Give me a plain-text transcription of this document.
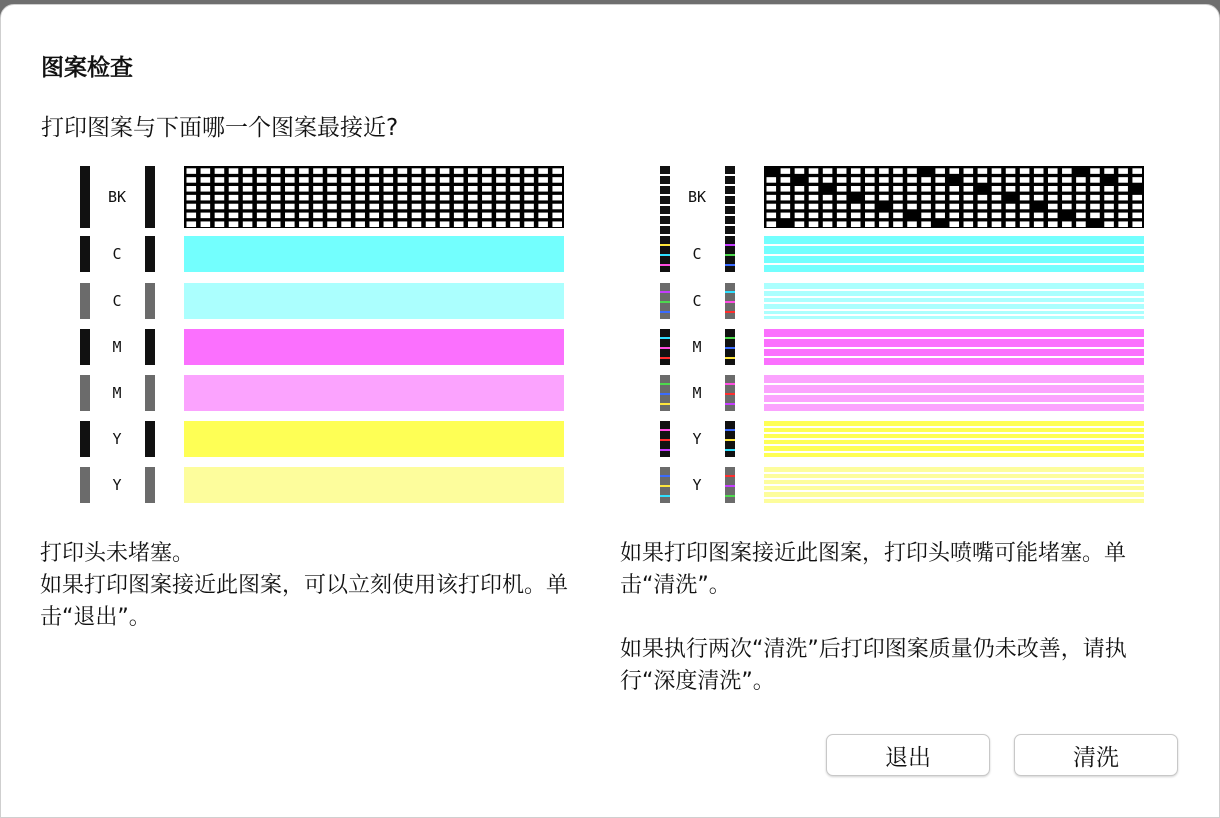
图案检查
打印图案与下面哪一个图案最接近?
BK
C
C
M
M
Y
Y
BK
C
C
M
M
Y
Y
打印头未堵塞。
如果打印图案接近此图案，可以立刻使用该打印机。单击“退出”。
如果打印图案接近此图案，打印头喷嘴可能堵塞。单击“清洗”。
如果执行两次“清洗”后打印图案质量仍未改善，请执行“深度清洗”。
退出	清洗
